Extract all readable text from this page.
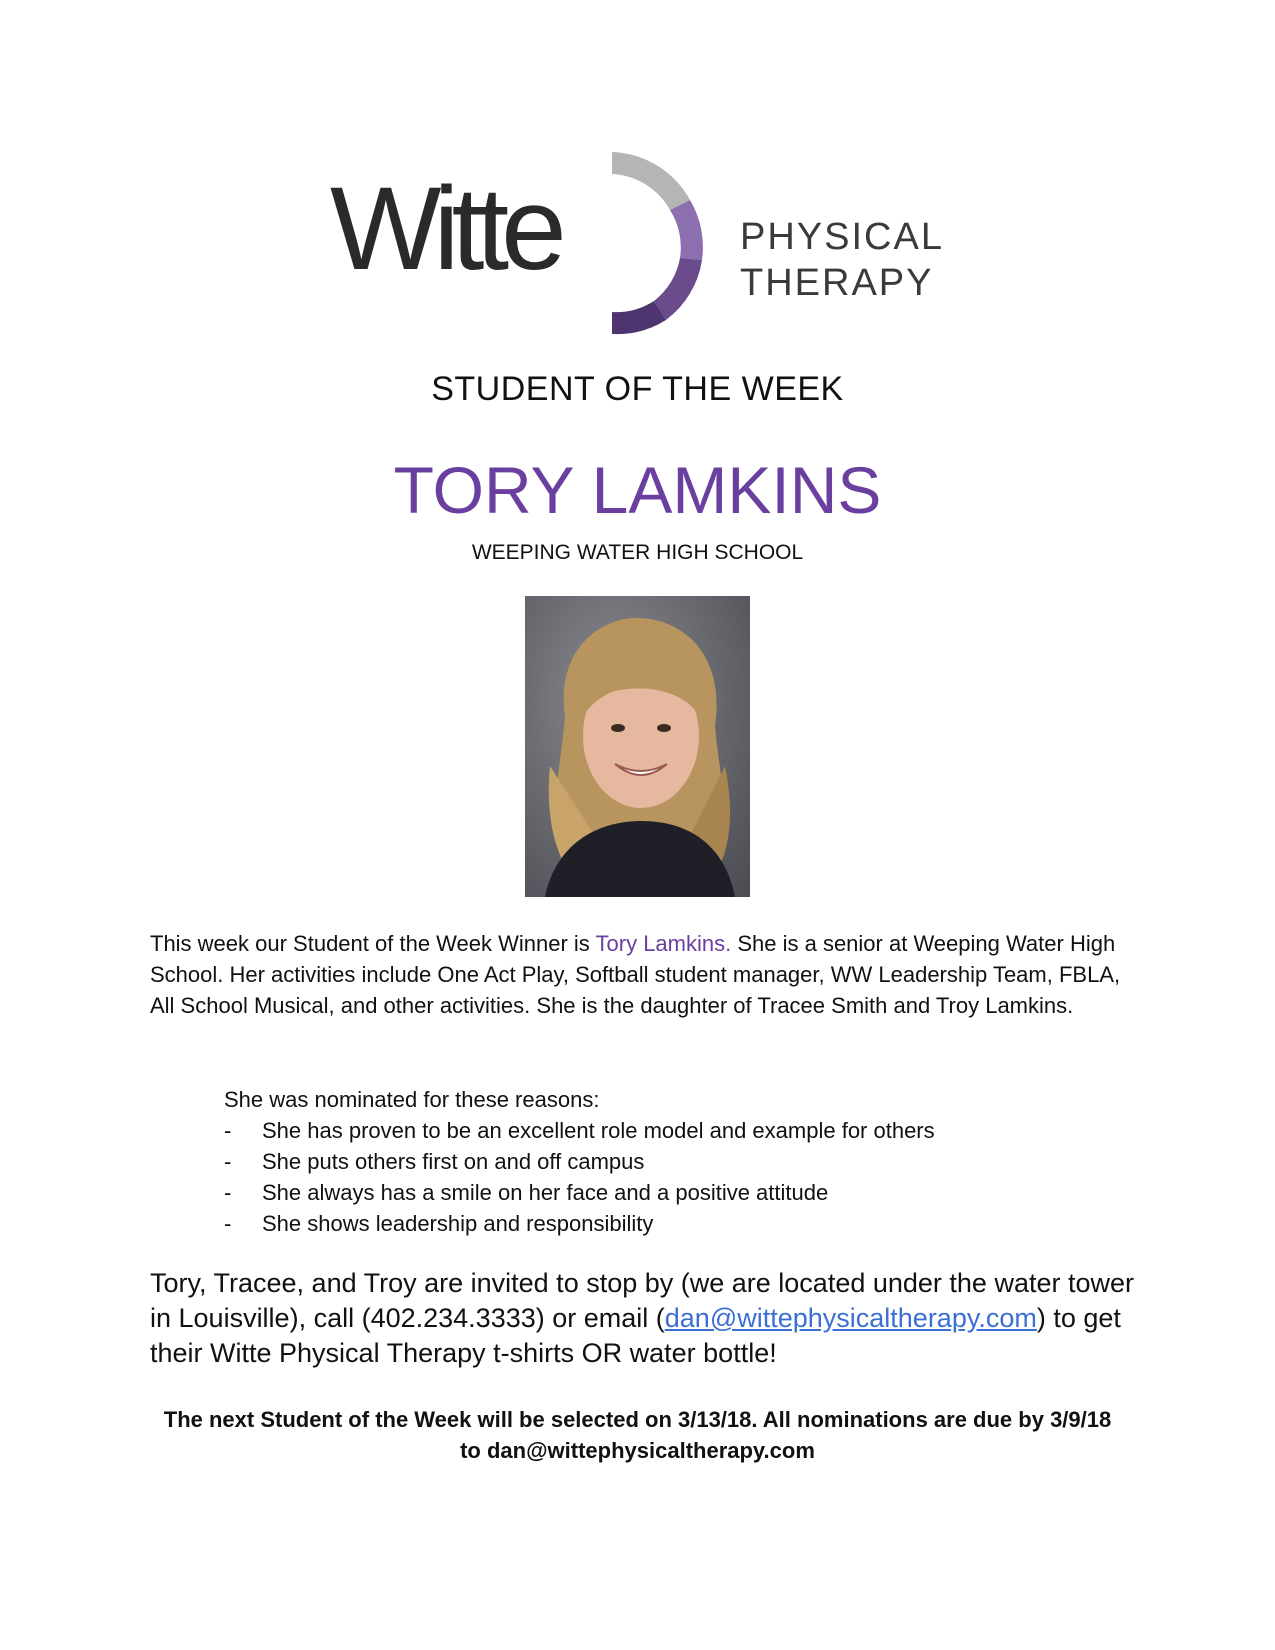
Witte	PHYSICAL
THERAPY
STUDENT OF THE WEEK
TORY LAMKINS
WEEPING WATER HIGH SCHOOL
This week our Student of the Week Winner is Tory Lamkins. She is a senior at Weeping Water High School. Her activities include One Act Play, Softball student manager, WW Leadership Team, FBLA, All School Musical, and other activities. She is the daughter of Tracee Smith and Troy Lamkins.
She was nominated for these reasons:
- She has proven to be an excellent role model and example for others
- She puts others first on and off campus
- She always has a smile on her face and a positive attitude
- She shows leadership and responsibility
Tory, Tracee, and Troy are invited to stop by (we are located under the water tower in Louisville), call (402.234.3333) or email (dan@wittephysicaltherapy.com) to get their Witte Physical Therapy t-shirts OR water bottle!
The next Student of the Week will be selected on 3/13/18. All nominations are due by 3/9/18
to dan@wittephysicaltherapy.com
